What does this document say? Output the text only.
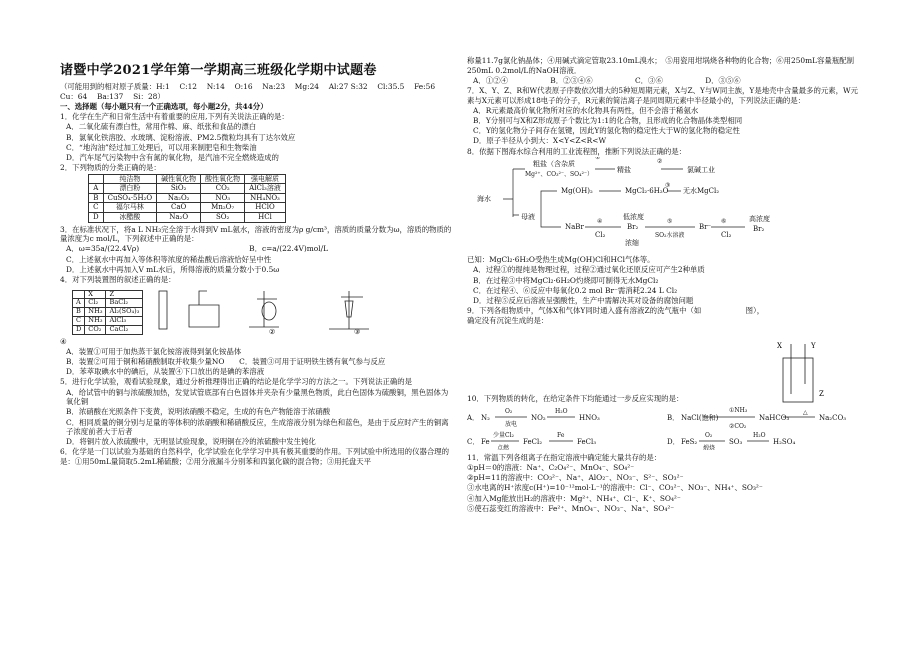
诸暨中学2021学年第一学期高三班级化学期中试题卷
（可能用到的相对原子质量：H:1　 C:12　 N:14　 O:16　 Na:23　 Mg:24　 Al:27 S:32　 Cl:35.5　 Fe:56
Cu：64　 Ba:137　 Si：28）
一、选择题（每小题只有一个正确选项，每小题2分，共44分）
1．化学在生产和日常生活中有着重要的应用,下列有关说法正确的是：
A．二氧化硫有漂白性，常用作棉、麻、纸张和食品的漂白
B．氯氧化铁溶胶、水玻璃、淀粉溶液、PM2.5微粒均具有丁达尔效应
C．“地沟油”经过加工处理后，可以用来制肥皂和生物柴油
D．汽车尾气污染物中含有氮的氧化物，是汽油不完全燃烧造成的
2．下列物质的分类正确的是：
	纯洁物	碱性氧化物	酸性氧化物	强电解质
A	漂白粉	SiO₂	CO₂	AlCl₃溶液
B	CuSO₄·5H₂O	Na₂O₂	NO₃	NH₄NO₃
C	福尔马林	CaO	Mn₂O₇	HClO
D	冰醋酸	Na₂O	SO₂	HCl
3．在标准状况下，将a L NH₃完全溶于水得到V mL氨水，溶液的密度为ρ g/cm³，溶质的质量分数为ω，溶质的物质的量浓度为c mol/L，下列叙述中正确的是：
A．ω=35a/(22.4Vρ)	B．c=a/(22.4V)mol/L
C．上述氨水中再加入等体积等浓度的稀盐酸后溶液恰好呈中性
D．上述氨水中再加入V mL水后，所得溶液的质量分数小于0.5ω
4．对下列装置图的叙述正确的是：
	X	Z
A	Cl₂	BaCl₂
B	NH₃	Al₂(SO₄)₃
C	NH₃	AlCl₃
D	CO₂	CaCl₂	②	③
④
A．装置①可用于加热蒸干氯化铵溶液得到氯化铵晶体
B．装置②可用于铜和稀硝酸制取并收集少量NO　　C．装置③可用于证明铁生锈有氧气参与反应
D．苯萃取碘水中的碘后，从装置④下口放出的是碘的苯溶液
5．进行化学试验，观看试验现象，通过分析推理得出正确的结论是化学学习的方法之一。下列说法正确的是
A．给试管中的铜与浓硫酸加热，发觉试管底部有白色固体并夹杂有少量黑色物质，此白色固体为硫酸铜，黑色固体为氧化铜
B．浓硝酸在光照条件下变黄，说明浓硝酸不稳定，生成的有色产物能溶于浓硝酸
C．相同质量的铜分别与足量的等体积的浓硝酸和稀硝酸反应，生成溶液分别为绿色和蓝色，是由于反应时产生的铜离子浓度前者大于后者
D．将铜片放入浓硫酸中，无明显试验现象，说明铜在冷的浓硫酸中发生钝化
6．化学是一门以试验为基础的自然科学，化学试验在化学学习中具有极其重要的作用。下列试验中所选用的仪器合理的是：①用50mL量筒取5.2mL稀硫酸；②用分液漏斗分别苯和四氯化碳的混合物；③用托盘天平
称量11.7g氯化钠晶体；④用碱式滴定管取23.10mL溴水；　⑤用瓷用坩埚烧各种物的化合物；⑥用250mL容量瓶配制250mL 0.2mol/L的NaOH溶液．
A．①②④	B．②③④⑥	C．③⑥	D．③⑤⑥
7．X、Y、Z、R和W代表原子序数依次增大的5种短周期元素，X与Z、Y与W同主族，Y是地壳中含量最多的元素，W元素与X元素可以形成18电子的分子，R元素的简洁离子是同周期元素中半径最小的，下列说法正确的是：
A．R元素最高价氧化物所对应的水化物具有两性，但不会溶于稀氨水
B．Y分别可与X和Z形成原子个数比为1:1的化合物，且形成的化合物晶体类型相同
C．Y的氢化物分子间存在氢键，因此Y的氢化物的稳定性大于W的氢化物的稳定性
D．原子半径从小到大：X<Y<Z<R<W
8．依据下图海水综合利用的工业流程图，推断下列说法正确的是：
海水
粗盐（含杂质
Mg²⁺、CO₃²⁻、SO₄²⁻）
①
精盐
②
氯碱工业
母液
Mg(OH)₂	MgCl₂·6H₂O
③
无水MgCl₂
NaBr
④
Cl₂
低浓度
Br₂
浓缩
⑤
SO₂水溶液
Br⁻
⑥
Cl₂
高浓度
Br₂
已知：MgCl₂·6H₂O受热生成Mg(OH)Cl和HCl气体等。
A．过程①的提纯是物理过程，过程②通过氧化还原反应可产生2种单质
B．在过程③中将MgCl₂·6H₂O灼烧即可制得无水MgCl₂
C．在过程④、⑥反应中每氧化0.2 mol Br⁻需消耗2.24 L Cl₂
D．过程⑤反应后溶液呈强酸性，生产中需解决其对设备的腐蚀问题
9．下列各组物质中，气体X和气体Y同时通入盛有溶液Z的洗气瓶中（如　　　　　　图），确定没有沉淀生成的是：
X	Y
Z
10．下列物质的转化，在给定条件下均能通过一步反应实现的是：
A． N₂
O₂
放电
NO₂
H₂O
HNO₃	B． NaCl(饱和)
①NH₃
②CO₂
NaHCO₃
△
Na₂CO₃
C． Fe
少量Cl₂
点燃
FeCl₂
Fe
FeCl₃	D． FeS₂
O₂
煅烧
SO₃
H₂O
H₂SO₄
11．常温下列各组离子在指定溶液中确定能大量共存的是：
①pH＝0的溶液：Na⁺、C₂O₄²⁻、MnO₄⁻、SO₄²⁻
②pH=11的溶液中：CO₃²⁻、Na⁺、AlO₂⁻、NO₃⁻、S²⁻、SO₃²⁻
③水电离的H⁺浓度c(H⁺)=10⁻¹²mol·L⁻¹的溶液中：Cl⁻、CO₃²⁻、NO₃⁻、NH₄⁺、SO₃²⁻
④加入Mg能放出H₂的溶液中：Mg²⁺、NH₄⁺、Cl⁻、K⁺、SO₄²⁻
⑤使石蕊变红的溶液中：Fe²⁺、MnO₄⁻、NO₃⁻、Na⁺、SO₄²⁻
